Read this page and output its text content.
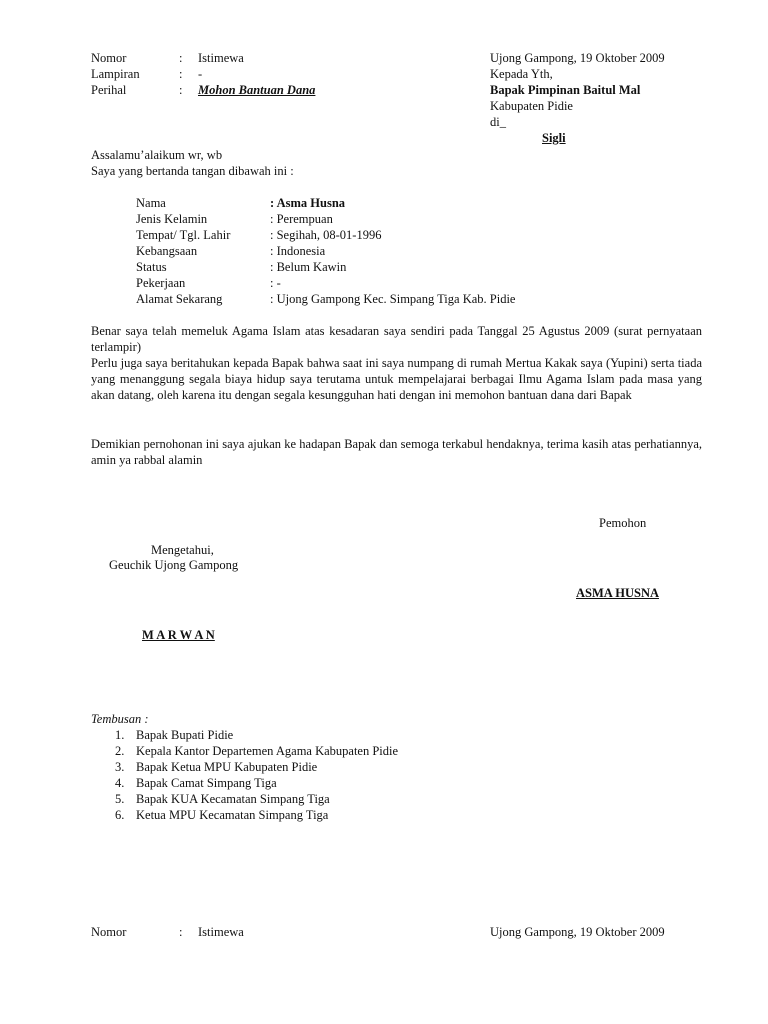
Nomor	: Istimewa
Lampiran	: -
Perihal	: Mohon Bantuan Dana
Ujong Gampong, 19 Oktober 2009
Kepada Yth,
Bapak Pimpinan Baitul Mal
Kabupaten Pidie
di_
Sigli
Assalamu’alaikum wr, wb
Saya yang bertanda tangan dibawah ini :
Nama	: Asma Husna
Jenis Kelamin	: Perempuan
Tempat/ Tgl. Lahir	: Segihah, 08-01-1996
Kebangsaan	: Indonesia
Status	: Belum Kawin
Pekerjaan	: -
Alamat Sekarang	: Ujong Gampong Kec. Simpang Tiga Kab. Pidie
Benar saya telah memeluk Agama Islam atas kesadaran saya sendiri pada Tanggal 25 Agustus 2009 (surat pernyataan terlampir)
Perlu juga saya beritahukan kepada Bapak bahwa saat ini saya numpang di rumah Mertua Kakak saya (Yupini) serta tiada yang menanggung segala biaya hidup saya terutama untuk mempelajarai berbagai Ilmu Agama Islam pada masa yang akan datang, oleh karena itu dengan segala kesungguhan hati dengan ini memohon bantuan dana dari Bapak
Demikian pernohonan ini saya ajukan ke hadapan Bapak dan semoga terkabul hendaknya, terima kasih atas perhatiannya, amin ya rabbal alamin
Pemohon
Mengetahui,
Geuchik Ujong Gampong
ASMA HUSNA
M A R W A N
Tembusan :
1. Bapak Bupati Pidie
2. Kepala Kantor Departemen Agama Kabupaten Pidie
3. Bapak Ketua MPU Kabupaten Pidie
4. Bapak Camat Simpang Tiga
5. Bapak KUA Kecamatan Simpang Tiga
6. Ketua MPU Kecamatan Simpang Tiga
Nomor	: Istimewa	Ujong Gampong, 19 Oktober 2009
